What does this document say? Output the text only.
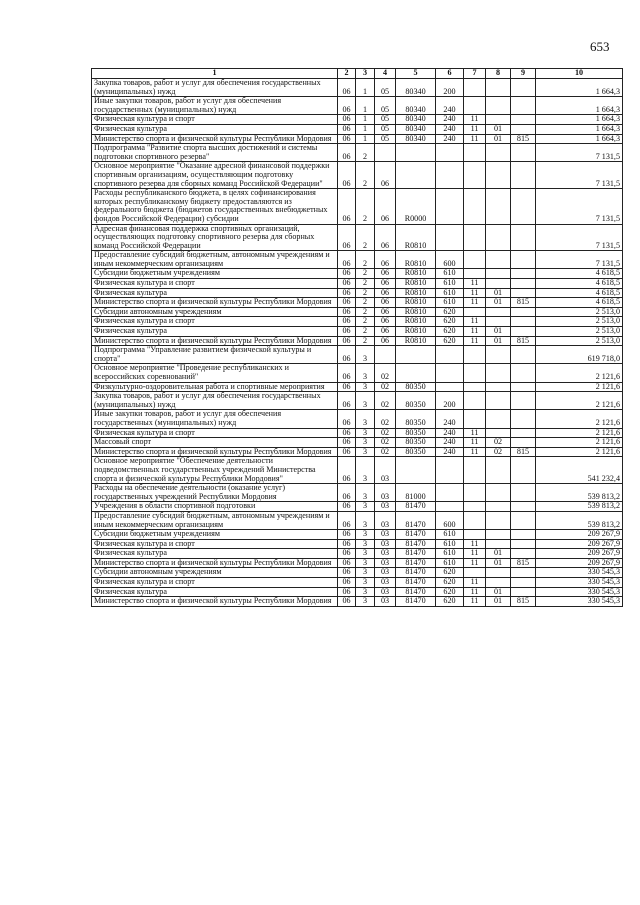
653
1	2	3	4	5	6	7	8	9	10
Закупка товаров, работ и услуг для обеспечения государственных (муниципальных) нужд	06	1	05	80340	200				1 664,3
Иные закупки товаров, работ и услуг для обеспечения государственных (муниципальных) нужд	06	1	05	80340	240				1 664,3
Физическая культура и спорт	06	1	05	80340	240	11			1 664,3
Физическая культура	06	1	05	80340	240	11	01		1 664,3
Министерство спорта и физической культуры Республики Мордовия	06	1	05	80340	240	11	01	815	1 664,3
Подпрограмма "Развитие спорта высших достижений и системы подготовки спортивного резерва"	06	2							7 131,5
Основное мероприятие "Оказание адресной финансовой поддержки спортивным организациям, осуществляющим подготовку спортивного резерва для сборных команд Российской Федерации"	06	2	06						7 131,5
Расходы республиканского бюджета, в целях софинансирования которых республиканскому бюджету предоставляются из федерального бюджета (бюджетов государственных внебюджетных фондов Российской Федерации) субсидии	06	2	06	R0000					7 131,5
Адресная финансовая поддержка спортивных организаций, осуществляющих подготовку спортивного резерва для сборных команд Российской Федерации	06	2	06	R0810					7 131,5
Предоставление субсидий бюджетным, автономным учреждениям и иным некоммерческим организациям	06	2	06	R0810	600				7 131,5
Субсидии бюджетным учреждениям	06	2	06	R0810	610				4 618,5
Физическая культура и спорт	06	2	06	R0810	610	11			4 618,5
Физическая культура	06	2	06	R0810	610	11	01		4 618,5
Министерство спорта и физической культуры Республики Мордовия	06	2	06	R0810	610	11	01	815	4 618,5
Субсидии автономным учреждениям	06	2	06	R0810	620				2 513,0
Физическая культура и спорт	06	2	06	R0810	620	11			2 513,0
Физическая культура	06	2	06	R0810	620	11	01		2 513,0
Министерство спорта и физической культуры Республики Мордовия	06	2	06	R0810	620	11	01	815	2 513,0
Подпрограмма "Управление развитием физической культуры и спорта"	06	3							619 718,0
Основное мероприятие "Проведение республиканских и всероссийских соревнований"	06	3	02						2 121,6
Физкультурно-оздоровительная работа и спортивные мероприятия	06	3	02	80350					2 121,6
Закупка товаров, работ и услуг для обеспечения государственных (муниципальных) нужд	06	3	02	80350	200				2 121,6
Иные закупки товаров, работ и услуг для обеспечения государственных (муниципальных) нужд	06	3	02	80350	240				2 121,6
Физическая культура и спорт	06	3	02	80350	240	11			2 121,6
Массовый спорт	06	3	02	80350	240	11	02		2 121,6
Министерство спорта и физической культуры Республики Мордовия	06	3	02	80350	240	11	02	815	2 121,6
Основное мероприятие "Обеспечение деятельности подведомственных государственных учреждений Министерства спорта и физической культуры Республики Мордовия"	06	3	03						541 232,4
Расходы на обеспечение деятельности (оказание услуг) государственных учреждений Республики Мордовия	06	3	03	81000					539 813,2
Учреждения в области спортивной подготовки	06	3	03	81470					539 813,2
Предоставление субсидий бюджетным, автономным учреждениям и иным некоммерческим организациям	06	3	03	81470	600				539 813,2
Субсидии бюджетным учреждениям	06	3	03	81470	610				209 267,9
Физическая культура и спорт	06	3	03	81470	610	11			209 267,9
Физическая культура	06	3	03	81470	610	11	01		209 267,9
Министерство спорта и физической культуры Республики Мордовия	06	3	03	81470	610	11	01	815	209 267,9
Субсидии автономным учреждениям	06	3	03	81470	620				330 545,3
Физическая культура и спорт	06	3	03	81470	620	11			330 545,3
Физическая культура	06	3	03	81470	620	11	01		330 545,3
Министерство спорта и физической культуры Республики Мордовия	06	3	03	81470	620	11	01	815	330 545,3
